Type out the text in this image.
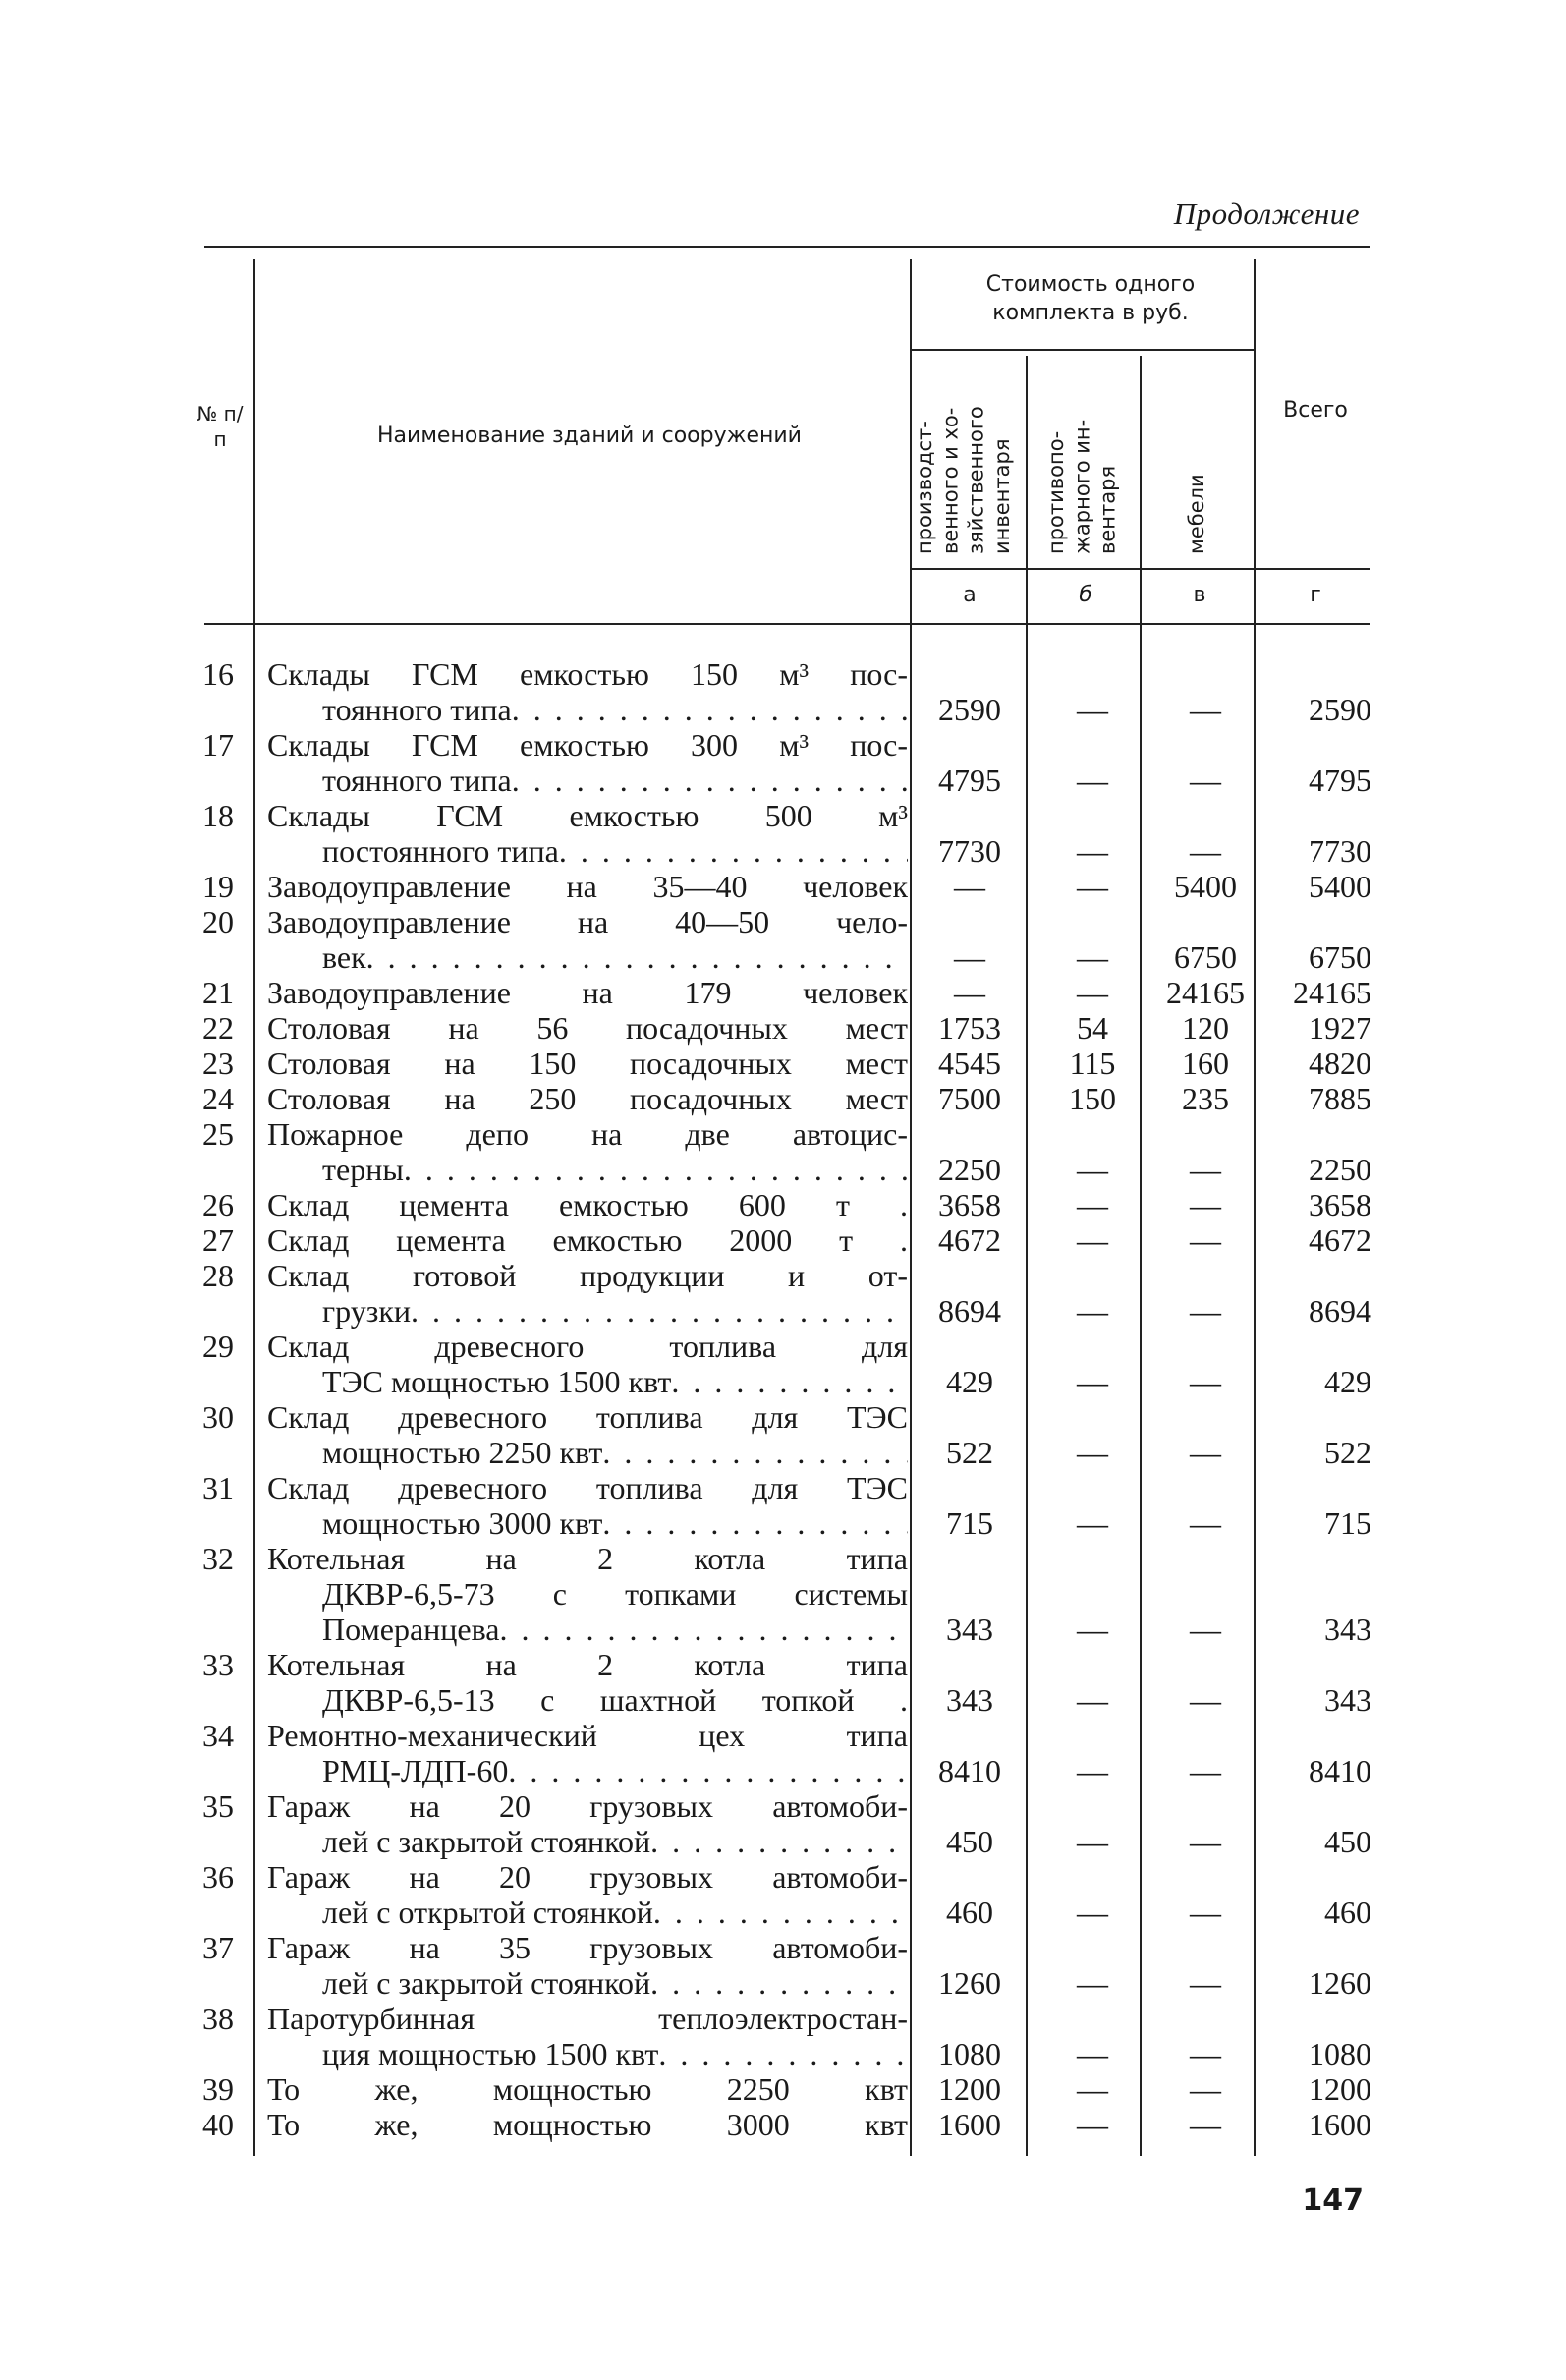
Продолжение
№ п/п	Наименование зданий и сооружений
Стоимость одного комплекта в руб.
производст- венного и хо- зяйственного инвентаря	противопо- жарного ин- вентаря	мебели
Всего
а	б	в	г
16 Склады ГСМ емкостью 150 м³ пос-
тоянного типа . . .	2590	—	—	2590
17 Склады ГСМ емкостью 300 м³ пос-
тоянного типа . . .	4795	—	—	4795
18 Склады ГСМ емкостью 500 м³
постоянного типа . . .	7730	—	—	7730
19 Заводоуправление на 35—40 человек	—	—	5400	5400
20 Заводоуправление на 40—50 чело-
век . . .	—	—	6750	6750
21 Заводоуправление на 179 человек	—	—	24165	24165
22 Столовая на 56 посадочных мест 1753	54	120	1927
23 Столовая на 150 посадочных мест 4545	115	160	4820
24 Столовая на 250 посадочных мест 7500	150	235	7885
25 Пожарное депо на две автоцис-
терны . . .	2250	—	—	2250
26 Склад цемента емкостью 600 т . 3658	—	—	3658
27 Склад цемента емкостью 2000 т . 4672	—	—	4672
28 Склад готовой продукции и от-
грузки . . .	8694	—	—	8694
29 Склад древесного топлива для
ТЭС мощностью 1500 квт . . .	429	—	—	429
30 Склад древесного топлива для ТЭС
мощностью 2250 квт . . .	522	—	—	522
31 Склад древесного топлива для ТЭС
мощностью 3000 квт . . .	715	—	—	715
32 Котельная на 2 котла типа
ДКВР-6,5-73 с топками системы
Померанцева . . .	343	—	—	343
33 Котельная на 2 котла типа
ДКВР-6,5-13 с шахтной топкой .	343	—	—	343
34 Ремонтно-механический цех типа
РМЦ-ЛДП-60 . . .	8410	—	—	8410
35 Гараж на 20 грузовых автомоби-
лей с закрытой стоянкой . . .	450	—	—	450
36 Гараж на 20 грузовых автомоби-
лей с открытой стоянкой . . .	460	—	—	460
37 Гараж на 35 грузовых автомоби-
лей с закрытой стоянкой . . .	1260	—	—	1260
38 Паротурбинная теплоэлектростан-
ция мощностью 1500 квт . . .	1080	—	—	1080
39 То же, мощностью 2250 квт 1200	—	—	1200
40 То же, мощностью 3000 квт 1600	—	—	1600
147
